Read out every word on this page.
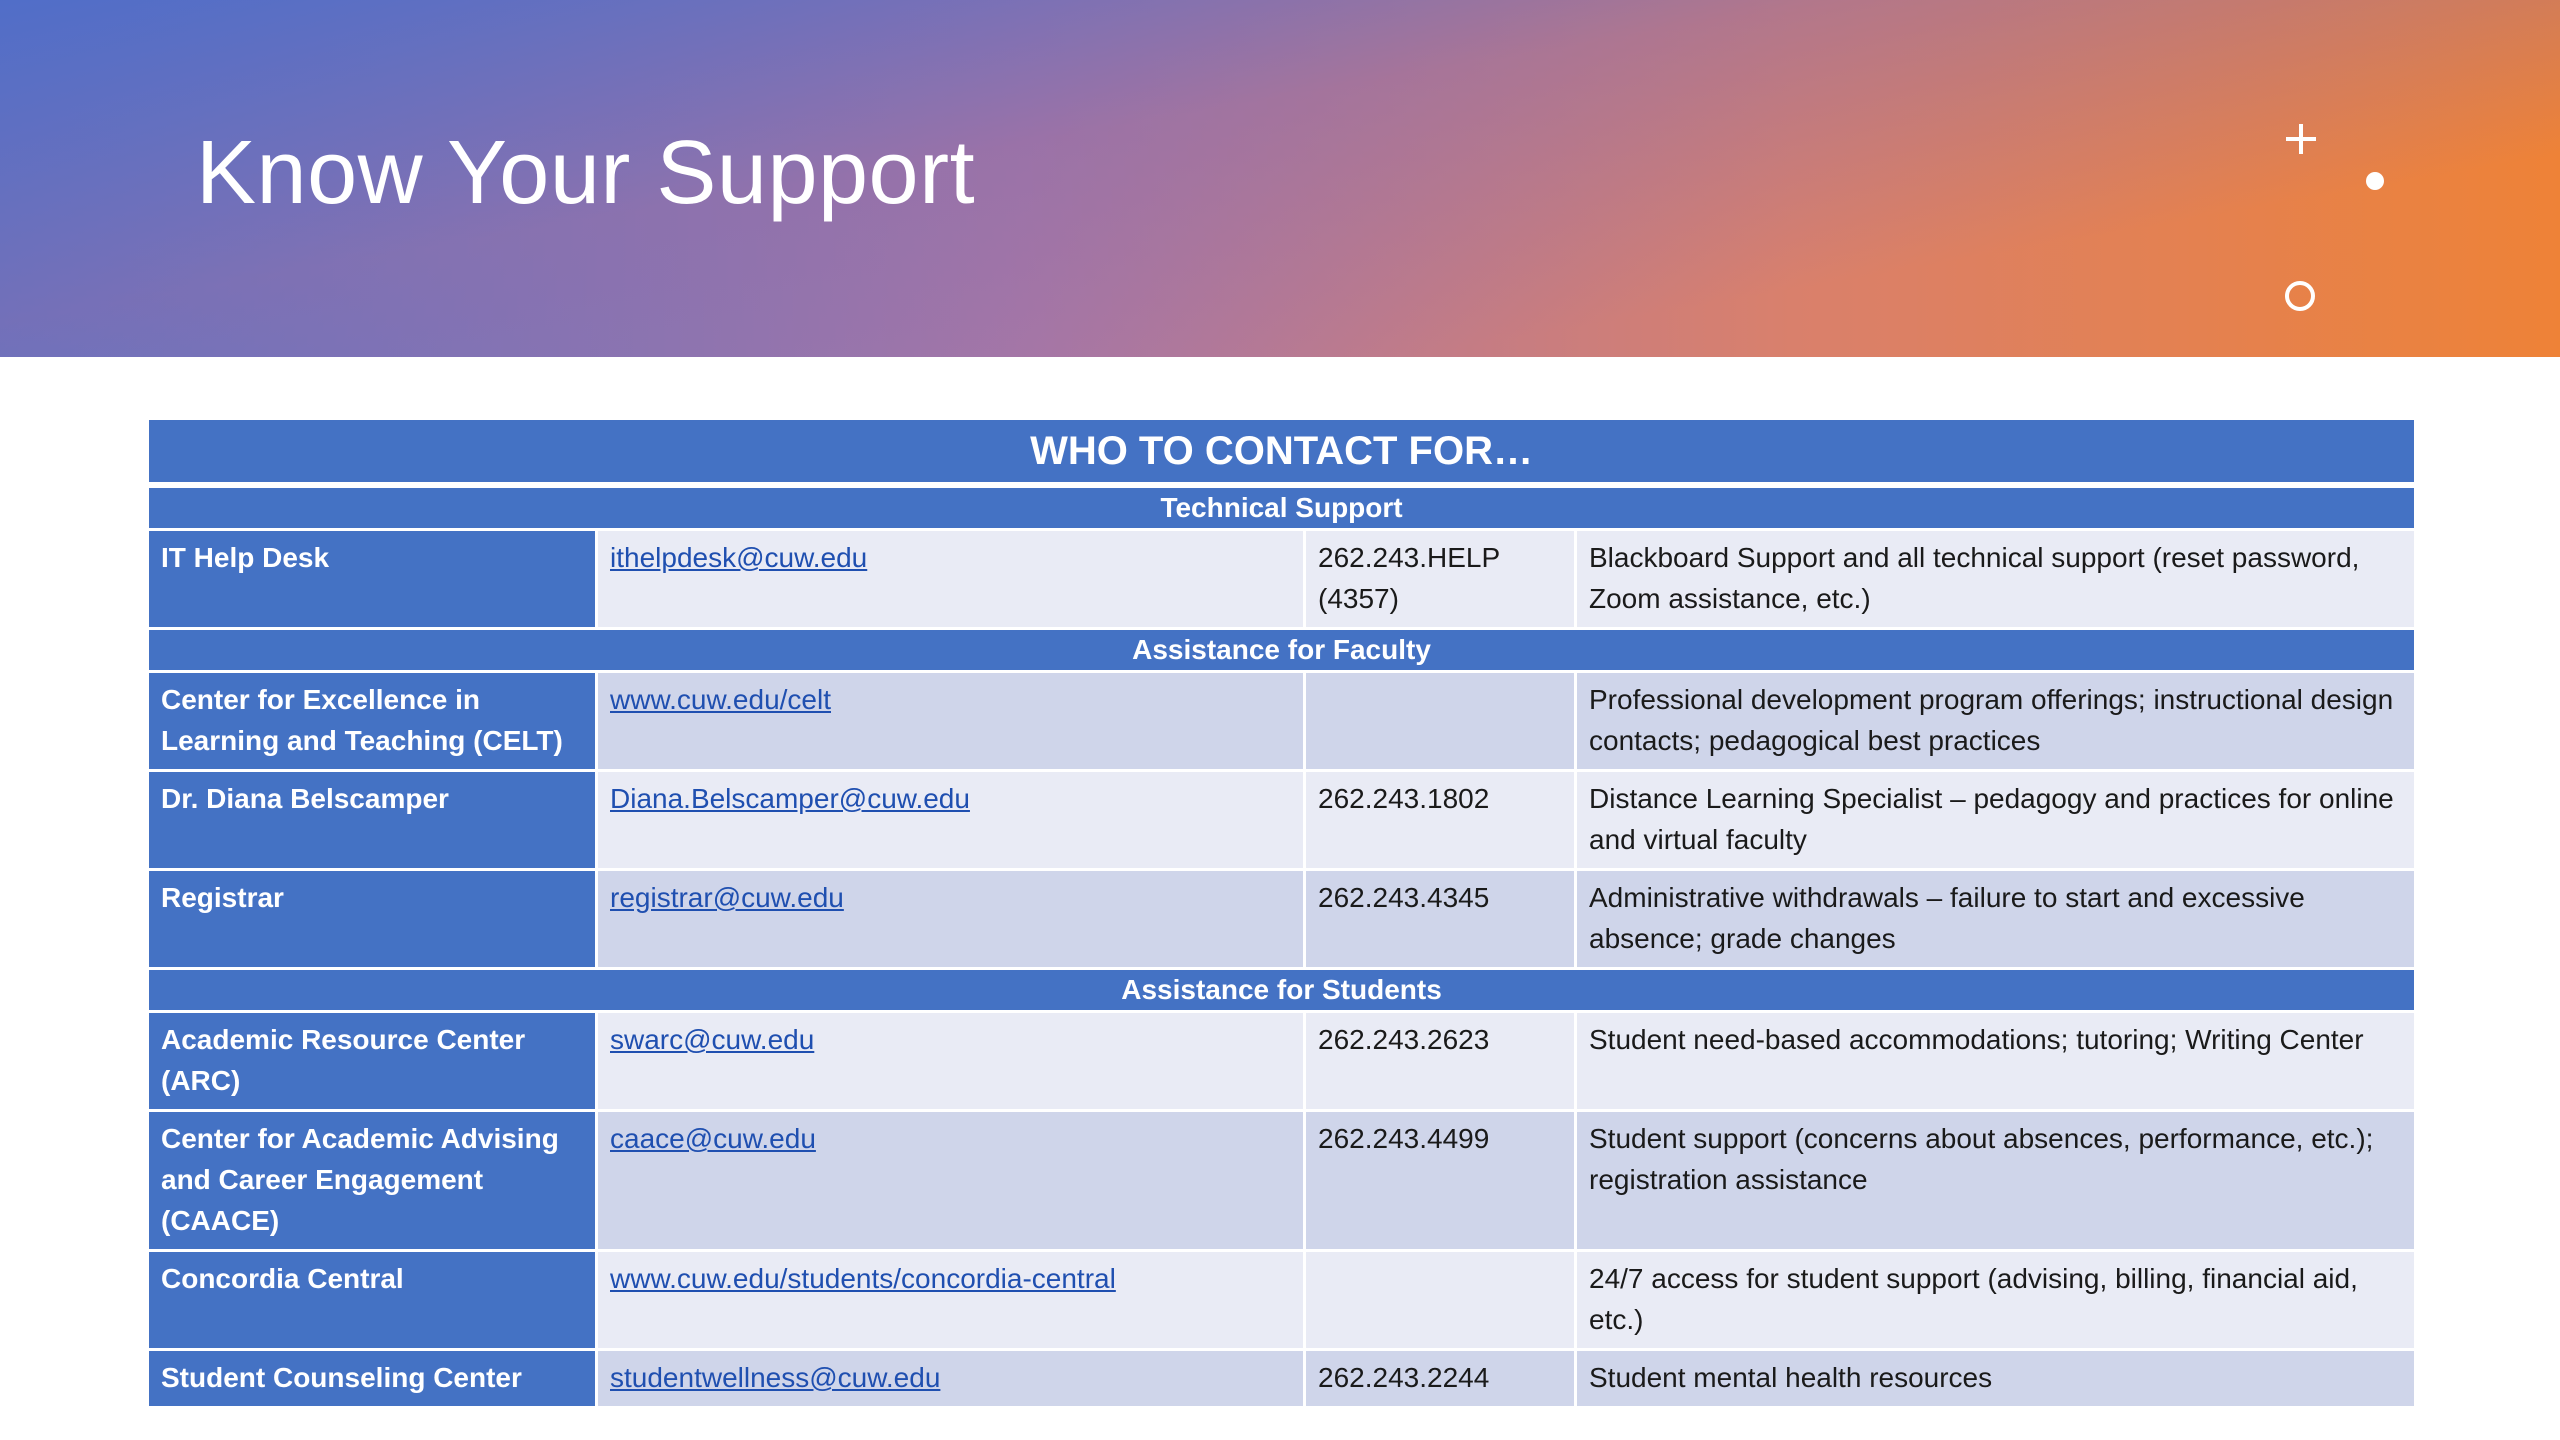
Know Your Support
WHO TO CONTACT FOR…			
Technical Support			
IT Help Desk	ithelpdesk@cuw.edu	262.243.HELP (4357)	Blackboard Support and all technical support (reset password, Zoom assistance, etc.)
Assistance for Faculty			
Center for Excellence in Learning and Teaching (CELT)	www.cuw.edu/celt		Professional development program offerings; instructional design contacts; pedagogical best practices
Dr. Diana Belscamper	Diana.Belscamper@cuw.edu	262.243.1802	Distance Learning Specialist – pedagogy and practices for online and virtual faculty
Registrar	registrar@cuw.edu	262.243.4345	Administrative withdrawals – failure to start and excessive absence; grade changes
Assistance for Students			
Academic Resource Center (ARC)	swarc@cuw.edu	262.243.2623	Student need-based accommodations; tutoring; Writing Center
Center for Academic Advising and Career Engagement (CAACE)	caace@cuw.edu	262.243.4499	Student support (concerns about absences, performance, etc.); registration assistance
Concordia Central	www.cuw.edu/students/concordia-central		24/7 access for student support (advising, billing, financial aid, etc.)
Student Counseling Center	studentwellness@cuw.edu	262.243.2244	Student mental health resources
